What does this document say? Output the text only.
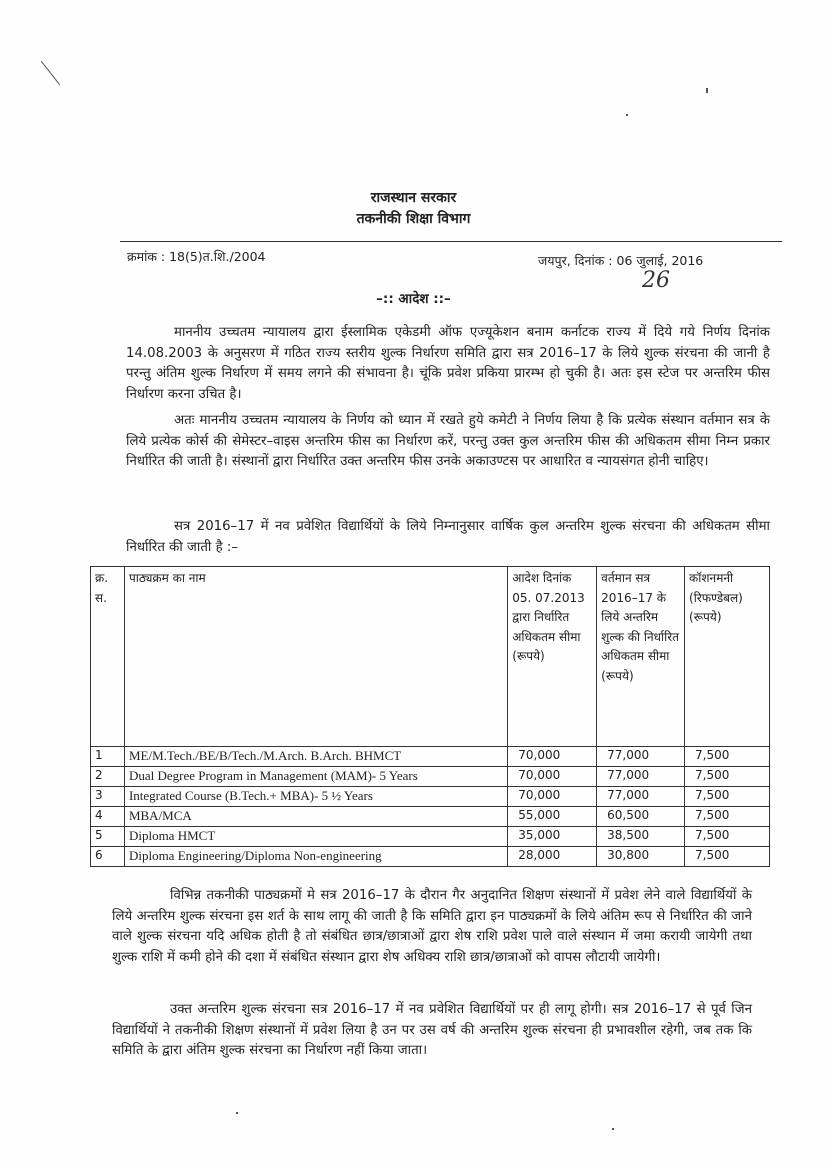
राजस्थान सरकार
तकनीकी शिक्षा विभाग
क्रमांक : 18(5)त.शि./2004	जयपुर, दिनांक : 06 जुलाई, 2016
26
–:: आदेश ::–

माननीय उच्चतम न्यायालय द्वारा ईस्लामिक एकेडमी ऑफ एज्यूकेशन बनाम कर्नाटक राज्य में दिये गये निर्णय दिनांक 14.08.2003 के अनुसरण में गठित राज्य स्तरीय शुल्क निर्धारण समिति द्वारा सत्र 2016–17 के लिये शुल्क संरचना की जानी है परन्तु अंतिम शुल्क निर्धारण में समय लगने की संभावना है। चूंकि प्रवेश प्रकिया प्रारम्भ हो चुकी है। अतः इस स्टेज पर अन्तरिम फीस निर्धारण करना उचित है।

अतः माननीय उच्चतम न्यायालय के निर्णय को ध्यान में रखते हुये कमेटी ने निर्णय लिया है कि प्रत्येक संस्थान वर्तमान सत्र के लिये प्रत्येक कोर्स की सेमेस्टर–वाइस अन्तरिम फीस का निर्धारण करें, परन्तु उक्त कुल अन्तरिम फीस की अधिकतम सीमा निम्न प्रकार निर्धारित की जाती है। संस्थानों द्वारा निर्धारित उक्त अन्तरिम फीस उनके अकाउण्टस पर आधारित व न्यायसंगत होनी चाहिए।

सत्र 2016–17 में नव प्रवेशित विद्यार्थियों के लिये निम्नानुसार वार्षिक कुल अन्तरिम शुल्क संरचना की अधिकतम सीमा निर्धारित की जाती है :–

क्र. स.	पाठ्यक्रम का नाम	आदेश दिनांक 05. 07.2013 द्वारा निर्धारित अधिकतम सीमा (रूपये)	वर्तमान सत्र 2016–17 के लिये अन्तरिम शुल्क की निर्धारित अधिकतम सीमा (रूपये)	कॉशनमनी (रिफण्डेबल) (रूपये)
1	ME/M.Tech./BE/B/Tech./M.Arch. B.Arch. BHMCT	70,000	77,000	7,500
2	Dual Degree Program in Management (MAM)- 5 Years	70,000	77,000	7,500
3	Integrated Course (B.Tech.+ MBA)- 5 ½ Years	70,000	77,000	7,500
4	MBA/MCA	55,000	60,500	7,500
5	Diploma HMCT	35,000	38,500	7,500
6	Diploma Engineering/Diploma Non-engineering	28,000	30,800	7,500

विभिन्न तकनीकी पाठ्यक्रमों मे सत्र 2016–17 के दौरान गैर अनुदानित शिक्षण संस्थानों में प्रवेश लेने वाले विद्यार्थियों के लिये अन्तरिम शुल्क संरचना इस शर्त के साथ लागू की जाती है कि समिति द्वारा इन पाठ्यक्रमों के लिये अंतिम रूप से निर्धारित की जाने वाले शुल्क संरचना यदि अधिक होती है तो संबंधित छात्र/छात्राओं द्वारा शेष राशि प्रवेश पाले वाले संस्थान में जमा करायी जायेगी तथा शुल्क राशि में कमी होने की दशा में संबंधित संस्थान द्वारा शेष अधिक्य राशि छात्र/छात्राओं को वापस लौटायी जायेगी।

उक्त अन्तरिम शुल्क संरचना सत्र 2016–17 में नव प्रवेशित विद्यार्थियों पर ही लागू होगी। सत्र 2016–17 से पूर्व जिन विद्यार्थियों ने तकनीकी शिक्षण संस्थानों में प्रवेश लिया है उन पर उस वर्ष की अन्तरिम शुल्क संरचना ही प्रभावशील रहेगी, जब तक कि समिति के द्वारा अंतिम शुल्क संरचना का निर्धारण नहीं किया जाता।
